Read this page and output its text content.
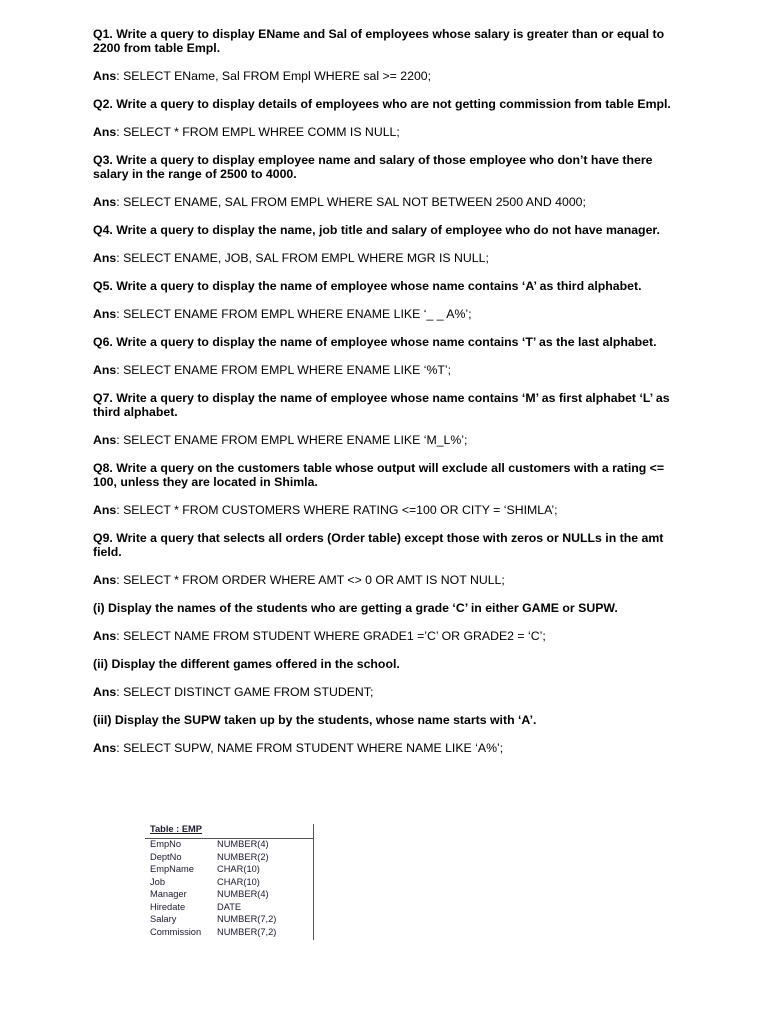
Q1. Write a query to display EName and Sal of employees whose salary is greater than or equal to 2200 from table Empl.

Ans: SELECT EName, Sal FROM Empl WHERE sal >= 2200;

Q2. Write a query to display details of employees who are not getting commission from table Empl.

Ans: SELECT * FROM EMPL WHREE COMM IS NULL;

Q3. Write a query to display employee name and salary of those employee who don’t have there salary in the range of 2500 to 4000.

Ans: SELECT ENAME, SAL FROM EMPL WHERE SAL NOT BETWEEN 2500 AND 4000;

Q4. Write a query to display the name, job title and salary of employee who do not have manager.

Ans: SELECT ENAME, JOB, SAL FROM EMPL WHERE MGR IS NULL;

Q5. Write a query to display the name of employee whose name contains ‘A’ as third alphabet.

Ans: SELECT ENAME FROM EMPL WHERE ENAME LIKE ‘_ _ A%’;

Q6. Write a query to display the name of employee whose name contains ‘T’ as the last alphabet.

Ans: SELECT ENAME FROM EMPL WHERE ENAME LIKE ‘%T’;

Q7. Write a query to display the name of employee whose name contains ‘M’ as first alphabet ‘L’ as third alphabet.

Ans: SELECT ENAME FROM EMPL WHERE ENAME LIKE ‘M_L%’;

Q8. Write a query on the customers table whose output will exclude all customers with a rating <= 100, unless they are located in Shimla.

Ans: SELECT * FROM CUSTOMERS WHERE RATING <=100 OR CITY = ‘SHIMLA’;

Q9. Write a query that selects all orders (Order table) except those with zeros or NULLs in the amt field.

Ans: SELECT * FROM ORDER WHERE AMT <> 0 OR AMT IS NOT NULL;

(i) Display the names of the students who are getting a grade ‘C’ in either GAME or SUPW.

Ans: SELECT NAME FROM STUDENT WHERE GRADE1 =’C’ OR GRADE2 = ‘C’;

(ii) Display the different games offered in the school.

Ans: SELECT DISTINCT GAME FROM STUDENT;

(iiI) Display the SUPW taken up by the students, whose name starts with ‘A’.

Ans: SELECT SUPW, NAME FROM STUDENT WHERE NAME LIKE ‘A%’;

Table : EMP
EmpNo	NUMBER(4)
DeptNo	NUMBER(2)
EmpName CHAR(10)
Job	CHAR(10)
Manager	NUMBER(4)
Hiredate	DATE
Salary	NUMBER(7,2)
Commission NUMBER(7,2)
